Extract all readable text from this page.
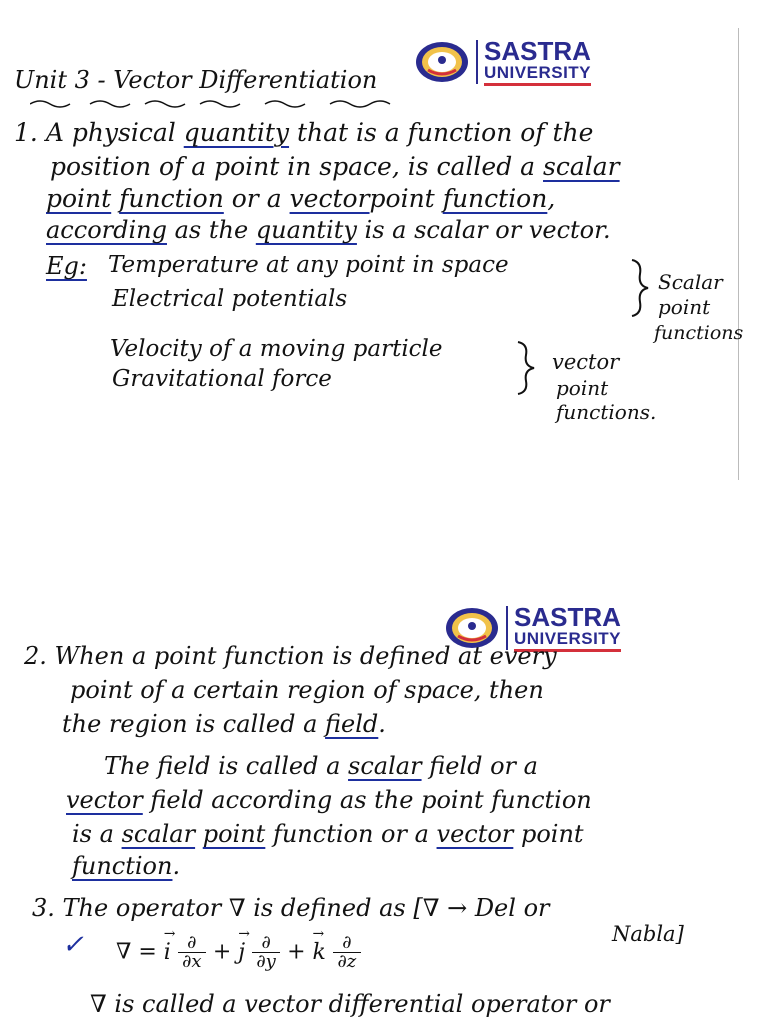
SASTRA
UNIVERSITY
Unit 3 - Vector Differentiation
1. A physical quantity that is a function of the
position of a point in space, is called a scalar
point function or a vectorpoint function,
according as the quantity is a scalar or vector.
Eg: Temperature at any point in space
Electrical potentials
Scalar
point
functions
Velocity of a moving particle
Gravitational force
vector
point
functions.
SASTRA
UNIVERSITY
2. When a point function is defined at every
point of a certain region of space, then
the region is called a field.
The field is called a scalar field or a
vector field according as the point function
is a scalar point function or a vector point
function.
3. The operator ∇ is defined as [∇ → Del or
Nabla]
✓ ∇ =
→
i ∂
∂x +
→
j ∂
∂y +
→
k ∂
∂z
∇ is called a vector differential operator or
